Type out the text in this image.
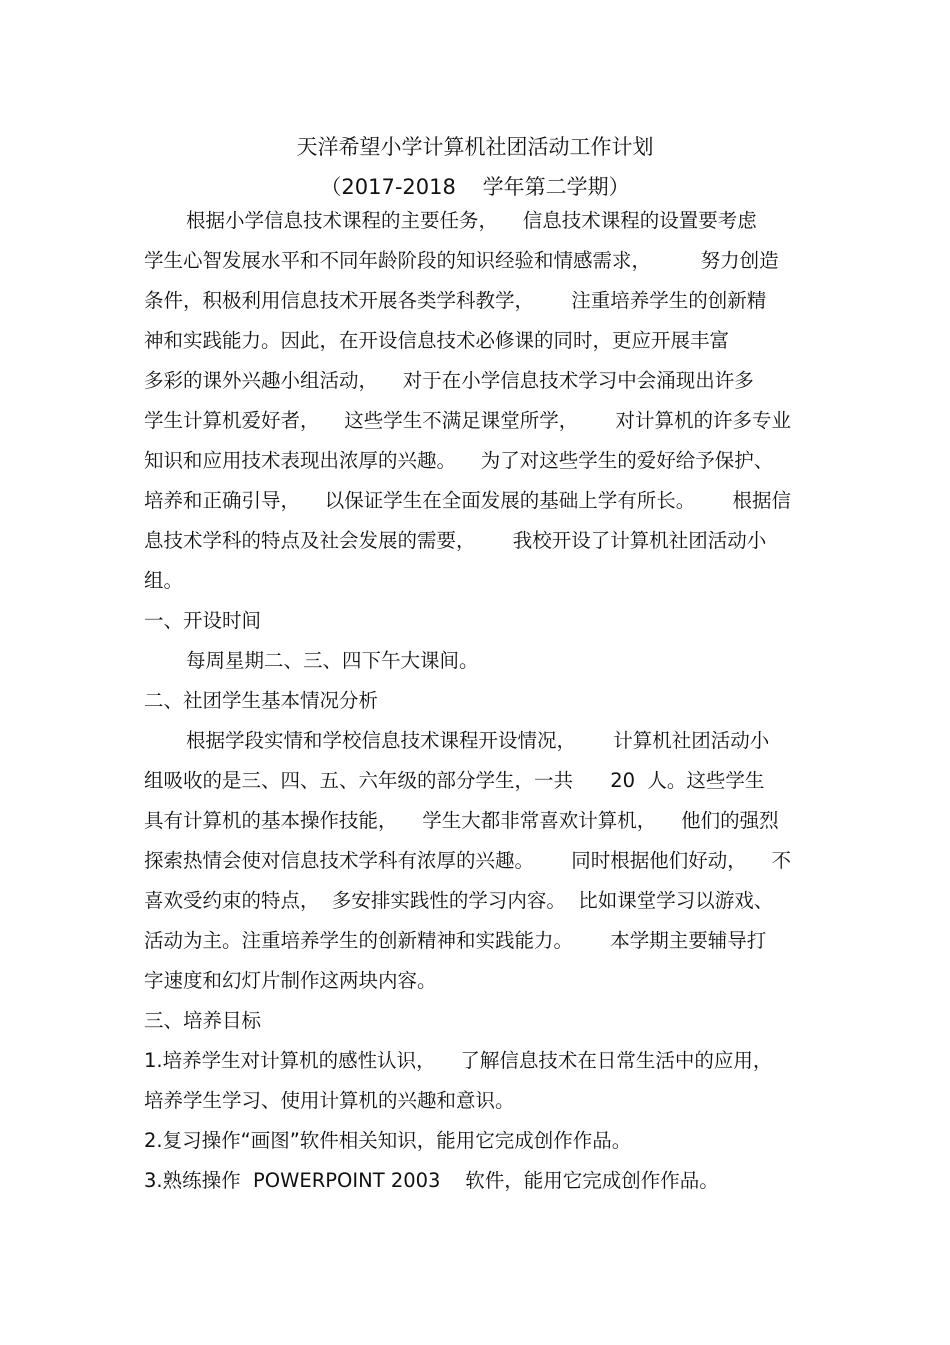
天洋希望小学计算机社团活动工作计划
（2017-2018    学年第二学期）
根据小学信息技术课程的主要任务，    信息技术课程的设置要考虑
学生心智发展水平和不同年龄阶段的知识经验和情感需求，        努力创造
条件，积极利用信息技术开展各类学科教学，      注重培养学生的创新精
神和实践能力。因此，在开设信息技术必修课的同时，更应开展丰富
多彩的课外兴趣小组活动，    对于在小学信息技术学习中会涌现出许多
学生计算机爱好者，    这些学生不满足课堂所学，      对计算机的许多专业
知识和应用技术表现出浓厚的兴趣。    为了对这些学生的爱好给予保护、
培养和正确引导，    以保证学生在全面发展的基础上学有所长。      根据信
息技术学科的特点及社会发展的需要，      我校开设了计算机社团活动小
组。
一、开设时间
每周星期二、三、四下午大课间。
二、社团学生基本情况分析
根据学段实情和学校信息技术课程开设情况，      计算机社团活动小
组吸收的是三、四、五、六年级的部分学生，一共      20  人。这些学生
具有计算机的基本操作技能，    学生大都非常喜欢计算机，    他们的强烈
探索热情会使对信息技术学科有浓厚的兴趣。      同时根据他们好动，    不
喜欢受约束的特点，  多安排实践性的学习内容。  比如课堂学习以游戏、
活动为主。注重培养学生的创新精神和实践能力。      本学期主要辅导打
字速度和幻灯片制作这两块内容。
三、培养目标
1.培养学生对计算机的感性认识，    了解信息技术在日常生活中的应用，
培养学生学习、使用计算机的兴趣和意识。
2.复习操作“画图”软件相关知识，能用它完成创作作品。
3.熟练操作  POWERPOINT 2003    软件，能用它完成创作作品。
